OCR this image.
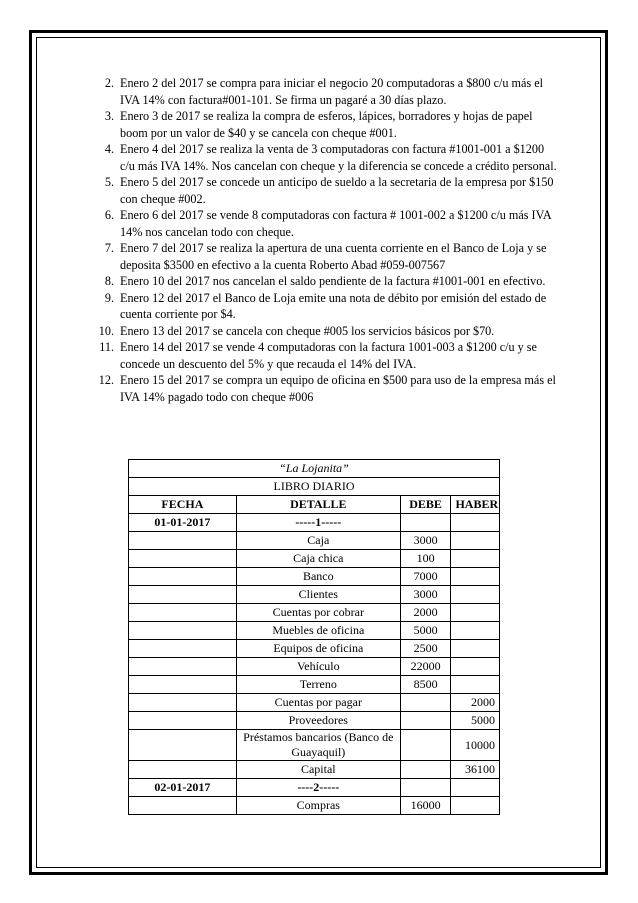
2. Enero 2 del 2017 se compra para iniciar el negocio 20 computadoras a $800 c/u más el IVA 14% con factura#001-101. Se firma un pagaré a 30 días plazo.
3. Enero 3 de 2017 se realiza la compra de esferos, lápices, borradores y hojas de papel boom por un valor de $40 y se cancela con cheque #001.
4. Enero 4 del 2017 se realiza la venta de 3 computadoras con factura #1001-001 a $1200 c/u más IVA 14%. Nos cancelan con cheque y la diferencia se concede a crédito personal.
5. Enero 5 del 2017 se concede un anticipo de sueldo a la secretaria de la empresa por $150 con cheque #002.
6. Enero 6 del 2017 se vende 8 computadoras con factura # 1001-002 a $1200 c/u más IVA 14% nos cancelan todo con cheque.
7. Enero 7 del 2017 se realiza la apertura de una cuenta corriente en el Banco de Loja y se deposita $3500 en efectivo a la cuenta Roberto Abad #059-007567
8. Enero 10 del 2017 nos cancelan el saldo pendiente de la factura #1001-001 en efectivo.
9. Enero 12 del 2017 el Banco de Loja emite una nota de débito por emisión del estado de cuenta corriente por $4.
10. Enero 13 del 2017 se cancela con cheque #005 los servicios básicos por $70.
11. Enero 14 del 2017 se vende 4 computadoras con la factura 1001-003 a $1200 c/u y se concede un descuento del 5% y que recauda el 14% del IVA.
12. Enero 15 del 2017 se compra un equipo de oficina en $500 para uso de la empresa más el IVA 14% pagado todo con cheque #006
“La Lojanita”			
LIBRO DIARIO			
FECHA	DETALLE	DEBE	HABER
01-01-2017	-----1-----		
	Caja	3000	
	Caja chica	100	
	Banco	7000	
	Clientes	3000	
	Cuentas por cobrar	2000	
	Muebles de oficina	5000	
	Equipos de oficina	2500	
	Vehículo	22000	
	Terreno	8500	
	Cuentas por pagar		2000
	Proveedores		5000
	Préstamos bancarios (Banco de Guayaquil)		10000
	Capital		36100
02-01-2017	----2-----		
	Compras	16000	
